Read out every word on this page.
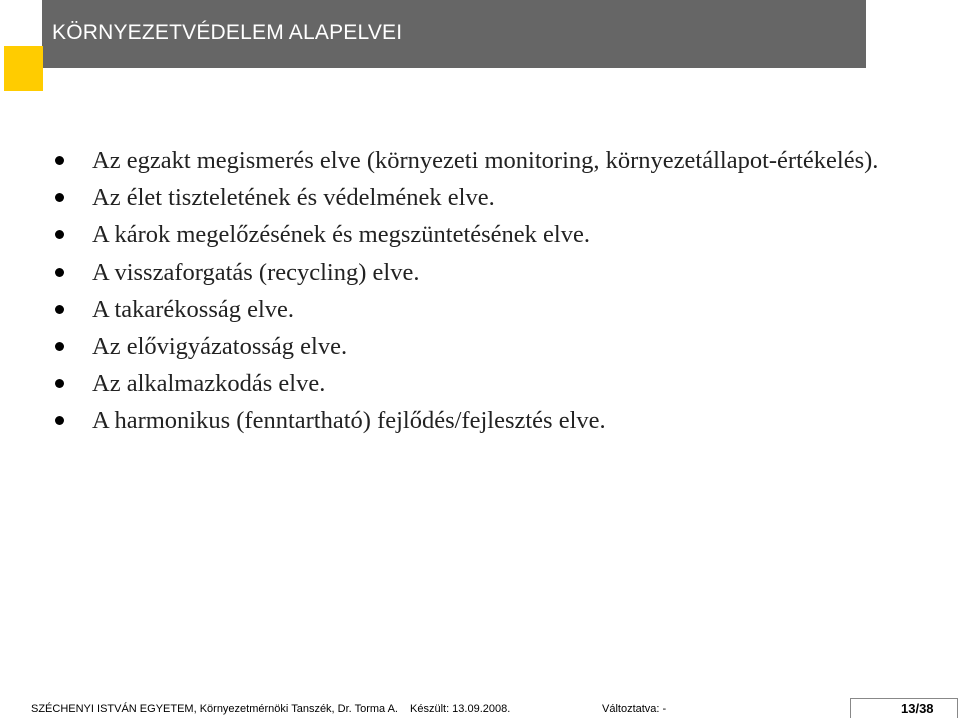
KÖRNYEZETVÉDELEM ALAPELVEI
Az egzakt megismerés elve (környezeti monitoring, környezetállapot-értékelés).
Az élet tiszteletének és védelmének elve.
A károk megelőzésének és megszüntetésének elve.
A visszaforgatás (recycling) elve.
A takarékosság elve.
Az elővigyázatosság elve.
Az alkalmazkodás elve.
A harmonikus (fenntartható) fejlődés/fejlesztés elve.
SZÉCHENYI ISTVÁN EGYETEM, Környezetmérnöki Tanszék, Dr. Torma A. Készült: 13.09.2008.	Változtatva: -	13/38
